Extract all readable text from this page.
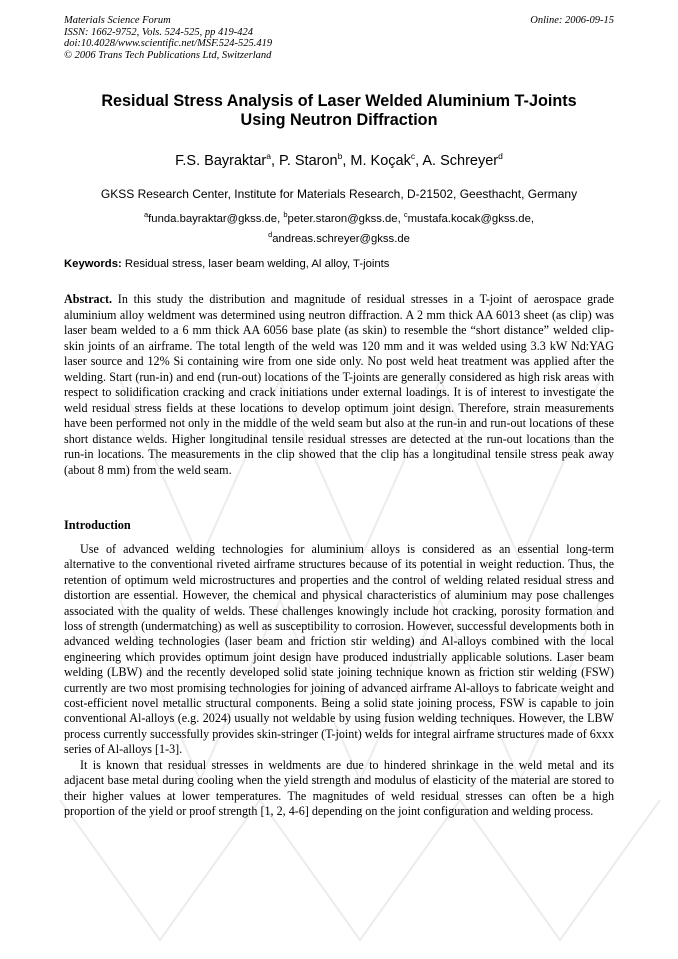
Materials Science Forum
ISSN: 1662-9752, Vols. 524-525, pp 419-424
doi:10.4028/www.scientific.net/MSF.524-525.419
© 2006 Trans Tech Publications Ltd, Switzerland
Online: 2006-09-15
Residual Stress Analysis of Laser Welded Aluminium T-Joints
Using Neutron Diffraction
F.S. Bayraktar$^a$, P. Staron$^b$, M. Koçak$^c$, A. Schreyer$^d$
GKSS Research Center, Institute for Materials Research, D-21502, Geesthacht, Germany
$^a$funda.bayraktar@gkss.de, $^b$peter.staron@gkss.de, $^c$mustafa.kocak@gkss.de,
$^d$andreas.schreyer@gkss.de
Keywords: Residual stress, laser beam welding, Al alloy, T-joints
Abstract. In this study the distribution and magnitude of residual stresses in a T-joint of aerospace grade aluminium alloy weldment was determined using neutron diffraction. A 2 mm thick AA 6013 sheet (as clip) was laser beam welded to a 6 mm thick AA 6056 base plate (as skin) to resemble the “short distance” welded clip-skin joints of an airframe. The total length of the weld was 120 mm and it was welded using 3.3 kW Nd:YAG laser source and 12% Si containing wire from one side only. No post weld heat treatment was applied after the welding. Start (run-in) and end (run-out) locations of the T-joints are generally considered as high risk areas with respect to solidification cracking and crack initiations under external loadings. It is of interest to investigate the weld residual stress fields at these locations to develop optimum joint design. Therefore, strain measurements have been performed not only in the middle of the weld seam but also at the run-in and run-out locations of these short distance welds. Higher longitudinal tensile residual stresses are detected at the run-out locations than the run-in locations. The measurements in the clip showed that the clip has a longitudinal tensile stress peak away (about 8 mm) from the weld seam.
Introduction

Use of advanced welding technologies for aluminium alloys is considered as an essential long-term alternative to the conventional riveted airframe structures because of its potential in weight reduction. Thus, the retention of optimum weld microstructures and properties and the control of welding related residual stress and distortion are essential. However, the chemical and physical characteristics of aluminium may pose challenges associated with the quality of welds. These challenges knowingly include hot cracking, porosity formation and loss of strength (undermatching) as well as susceptibility to corrosion. However, successful developments both in advanced welding technologies (laser beam and friction stir welding) and Al-alloys combined with the local engineering which provides optimum joint design have produced industrially applicable solutions. Laser beam welding (LBW) and the recently developed solid state joining technique known as friction stir welding (FSW) currently are two most promising technologies for joining of advanced airframe Al-alloys to fabricate weight and cost-efficient novel metallic structural components. Being a solid state joining process, FSW is capable to join conventional Al-alloys (e.g. 2024) usually not weldable by using fusion welding techniques. However, the LBW process currently successfully provides skin-stringer (T-joint) welds for integral airframe structures made of 6xxx series of Al-alloys [1-3].

It is known that residual stresses in weldments are due to hindered shrinkage in the weld metal and its adjacent base metal during cooling when the yield strength and modulus of elasticity of the material are stored to their higher values at lower temperatures. The magnitudes of weld residual stresses can often be a high proportion of the yield or proof strength [1, 2, 4-6] depending on the joint configuration and welding process.
